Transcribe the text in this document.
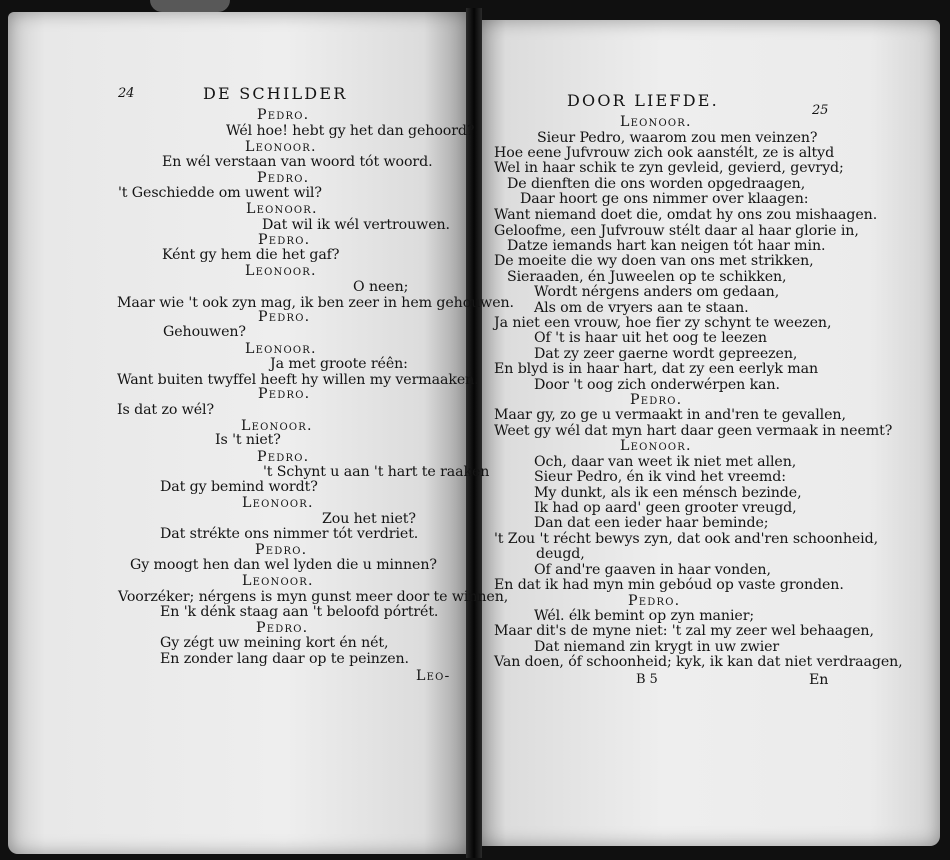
24	DE SCHILDER
Pedro.
Wél hoe! hebt gy het dan gehoord?
Leonoor.
En wél verstaan van woord tót woord.
Pedro.
't Geschiedde om uwent wil?
Leonoor.
Dat wil ik wél vertrouwen.
Pedro.
Ként gy hem die het gaf?
Leonoor.
O neen;
Maar wie 't ook zyn mag, ik ben zeer in hem gehouwen.
Pedro.
Gehouwen?
Leonoor.
Ja met groote réên:
Want buiten twyffel heeft hy willen my vermaaken.
Pedro.
Is dat zo wél?
Leonoor.
Is 't niet?
Pedro.
't Schynt u aan 't hart te raaken
Dat gy bemind wordt?
Leonoor.
Zou het niet?
Dat strékte ons nimmer tót verdriet.
Pedro.
Gy moogt hen dan wel lyden die u minnen?
Leonoor.
Voorzéker; nérgens is myn gunst meer door te winnen,
En 'k dénk staag aan 't beloofd pórtrét.
Pedro.
Gy zégt uw meining kort én nét,
En zonder lang daar op te peinzen.
Leo-
DOOR LIEFDE.
25
Leonoor.
Sieur Pedro, waarom zou men veinzen?
Hoe eene Jufvrouw zich ook aanstélt, ze is altyd
Wel in haar schik te zyn gevleid, gevierd, gevryd;
De dienften die ons worden opgedraagen,
Daar hoort ge ons nimmer over klaagen:
Want niemand doet die, omdat hy ons zou mishaagen.
Geloofme, een Jufvrouw stélt daar al haar glorie in,
Datze iemands hart kan neigen tót haar min.
De moeite die wy doen van ons met strikken,
Sieraaden, én Juweelen op te schikken,
Wordt nérgens anders om gedaan,
Als om de vryers aan te staan.
Ja niet een vrouw, hoe fier zy schynt te weezen,
Of 't is haar uit het oog te leezen
Dat zy zeer gaerne wordt gepreezen,
En blyd is in haar hart, dat zy een eerlyk man
Door 't oog zich onderwérpen kan.
Pedro.
Maar gy, zo ge u vermaakt in and'ren te gevallen,
Weet gy wél dat myn hart daar geen vermaak in neemt?
Leonoor.
Och, daar van weet ik niet met allen,
Sieur Pedro, én ik vind het vreemd:
My dunkt, als ik een ménsch bezinde,
Ik had op aard' geen grooter vreugd,
Dan dat een ieder haar beminde;
't Zou 't récht bewys zyn, dat ook and'ren schoonheid,
deugd,
Of and're gaaven in haar vonden,
En dat ik had myn min gebóud op vaste gronden.
Pedro.
Wél. élk bemint op zyn manier;
Maar dit's de myne niet: 't zal my zeer wel behaagen,
Dat niemand zin krygt in uw zwier
Van doen, óf schoonheid; kyk, ik kan dat niet verdraagen,
B 5	En
